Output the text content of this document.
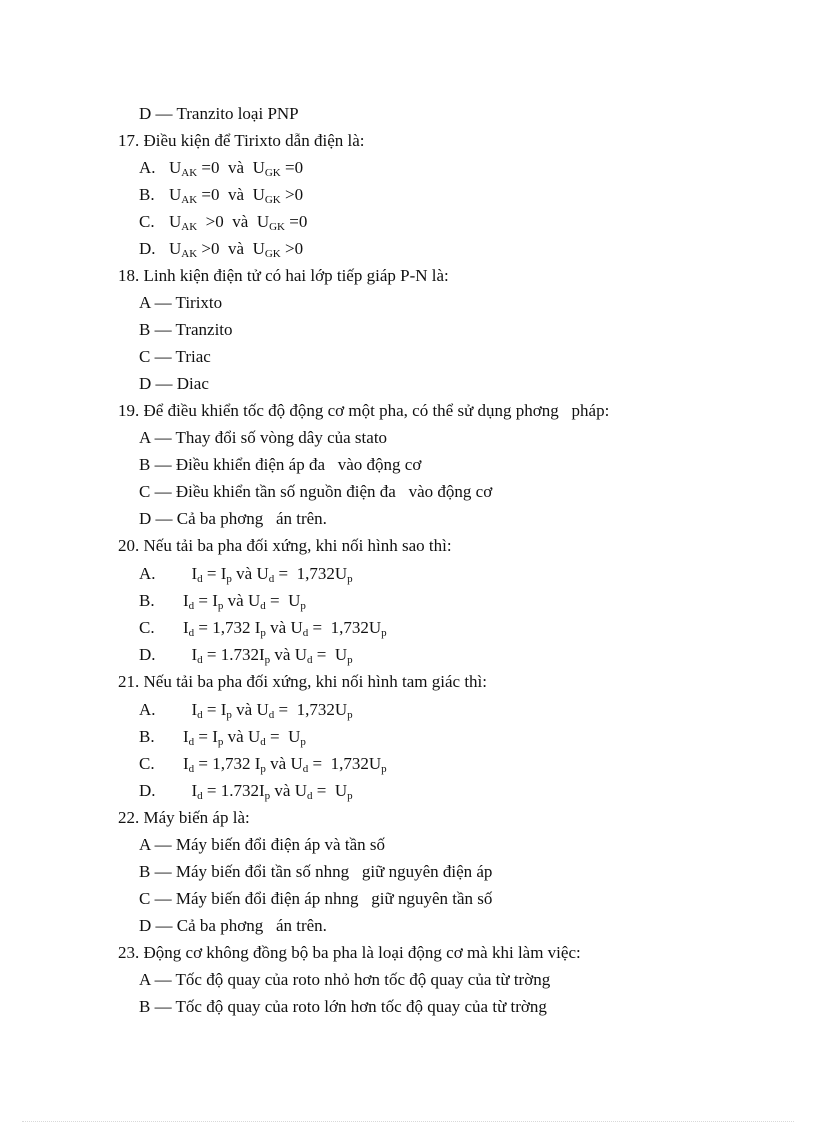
D — Tranzito loại PNP
17. Điều kiện để Tirixto dẫn điện là:
A. $U_{AK} =0$  và  $U_{GK} =0$
B. $U_{AK} =0$  và  $U_{GK} >0$
C. $U_{AK} >0$  và  $U_{GK} =0$
D. $U_{AK} >0$  và  $U_{GK} >0$
18. Linh kiện điện tử có hai lớp tiếp giáp P-N là:
A — Tirixto
B — Tranzito
C — Triac
D — Diac
19. Để điều khiển tốc độ động cơ một pha, có thể sử dụng phơng   pháp:
A — Thay đổi số vòng dây của stato
B — Điều khiển điện áp đa   vào động cơ
C — Điều khiển tần số nguồn điện đa   vào động cơ
D — Cả ba phơng   án trên.
20. Nếu tải ba pha đối xứng, khi nối hình sao thì:
A.  $I_d = I_p$ và $U_d = 1,732U_p$
B. $I_d = I_p$ và $U_d = U_p$
C. $I_d = 1,732$ $I_p$ và $U_d = 1,732U_p$
D.  $I_d = 1.732I_p$ và $U_d = U_p$
21. Nếu tải ba pha đối xứng, khi nối hình tam giác thì:
A.  $I_d = I_p$ và $U_d = 1,732U_p$
B. $I_d = I_p$ và $U_d = U_p$
C. $I_d = 1,732$ $I_p$ và $U_d = 1,732U_p$
D.  $I_d = 1.732I_p$ và $U_d = U_p$
22. Máy biến áp là:
A — Máy biến đổi điện áp và tần số
B — Máy biến đổi tần số nhng   giữ nguyên điện áp
C — Máy biến đổi điện áp nhng   giữ nguyên tần số
D — Cả ba phơng   án trên.
23. Động cơ không đồng bộ ba pha là loại động cơ mà khi làm việc:
A — Tốc độ quay của roto nhỏ hơn tốc độ quay của từ trờng
B — Tốc độ quay của roto lớn hơn tốc độ quay của từ trờng
